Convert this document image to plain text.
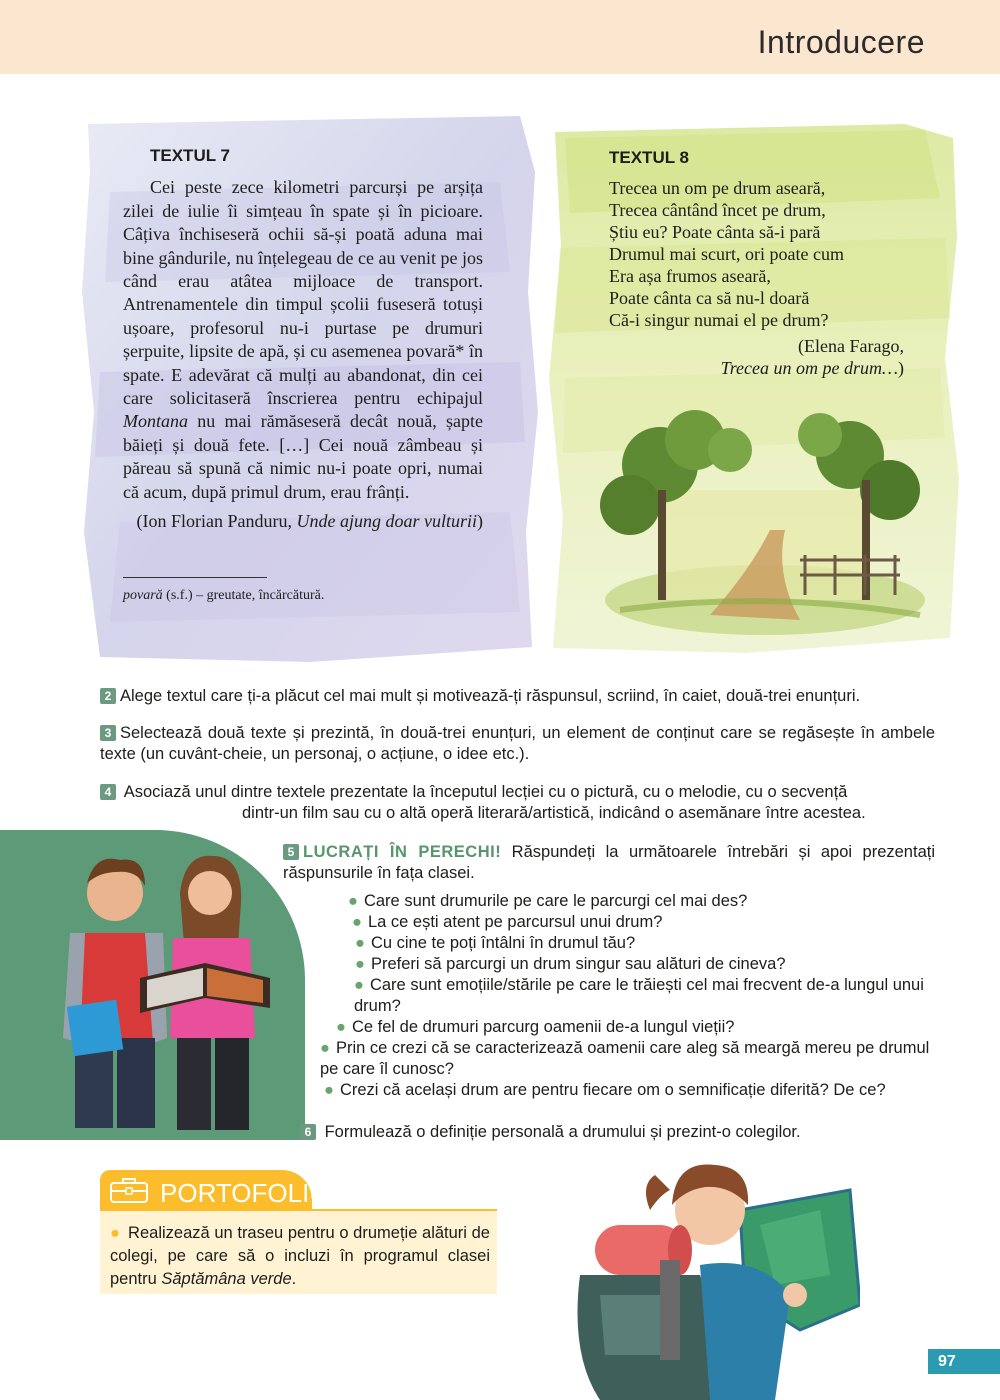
Introducere
TEXTUL 7
Cei peste zece kilometri parcurși pe arșița zilei de iulie îi simțeau în spate și în picioare. Câțiva închiseseră ochii să-și poată aduna mai bine gândurile, nu înțelegeau de ce au venit pe jos când erau atâtea mijloace de transport. Antrenamentele din timpul școlii fuseseră totuși ușoare, profesorul nu-i purtase pe drumuri șerpuite, lipsite de apă, și cu asemenea povară* în spate. E adevărat că mulți au abandonat, din cei care solicitaseră înscrierea pentru echipajul Montana nu mai rămăseseră decât nouă, șapte băieți și două fete. […] Cei nouă zâmbeau și păreau să spună că nimic nu-i poate opri, numai că acum, după primul drum, erau frânți.
(Ion Florian Panduru, Unde ajung doar vulturii)
povară (s.f.) – greutate, încărcătură.
TEXTUL 8
Trecea un om pe drum aseară,
Trecea cântând încet pe drum,
Știu eu? Poate cânta să-i pară
Drumul mai scurt, ori poate cum
Era așa frumos aseară,
Poate cânta ca să nu-l doară
Că-i singur numai el pe drum?
(Elena Farago,
Trecea un om pe drum…)
2 Alege textul care ți-a plăcut cel mai mult și motivează-ți răspunsul, scriind, în caiet, două-trei enunțuri.
3 Selectează două texte și prezintă, în două-trei enunțuri, un element de conținut care se regăsește în ambele texte (un cuvânt-cheie, un personaj, o acțiune, o idee etc.).
4 Asociază unul dintre textele prezentate la începutul lecției cu o pictură, cu o melodie, cu o secvență
dintr-un film sau cu o altă operă literară/artistică, indicând o asemănare între acestea.
5 LUCRAȚI ÎN PERECHI! Răspundeți la următoarele întrebări și apoi prezentați răspunsurile în fața clasei.
● Care sunt drumurile pe care le parcurgi cel mai des?
● La ce ești atent pe parcursul unui drum?
● Cu cine te poți întâlni în drumul tău?
● Preferi să parcurgi un drum singur sau alături de cineva?
● Care sunt emoțiile/stările pe care le trăiești cel mai frecvent de-a lungul unui drum?
● Ce fel de drumuri parcurg oamenii de-a lungul vieții?
● Prin ce crezi că se caracterizează oamenii care aleg să meargă mereu pe drumul pe care îl cunosc?
● Crezi că același drum are pentru fiecare om o semnificație diferită? De ce?
6 Formulează o definiție personală a drumului și prezint-o colegilor.
PORTOFOLIU
● Realizează un traseu pentru o drumeție alături de colegi, pe care să o incluzi în programul clasei pentru Săptămâna verde.
97
